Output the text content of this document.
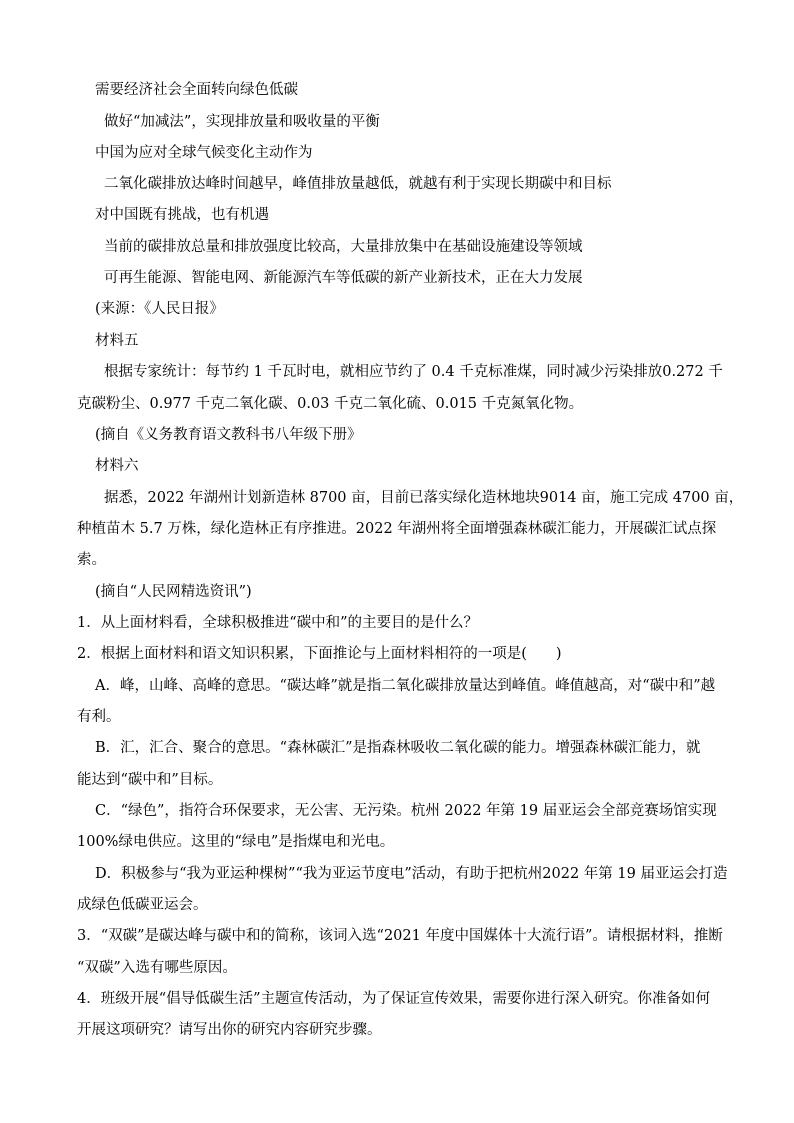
需要经济社会全面转向绿色低碳
做好“加减法”，实现排放量和吸收量的平衡
中国为应对全球气候变化主动作为
二氧化碳排放达峰时间越早，峰值排放量越低，就越有利于实现长期碳中和目标
对中国既有挑战，也有机遇
当前的碳排放总量和排放强度比较高，大量排放集中在基础设施建设等领域
可再生能源、智能电网、新能源汽车等低碳的新产业新技术，正在大力发展
(来源：《人民日报》
材料五
根据专家统计：每节约 1 千瓦时电，就相应节约了 0.4 千克标准煤，同时减少污染排放0.272 千
克碳粉尘、0.977 千克二氧化碳、0.03 千克二氧化硫、0.015 千克氮氧化物。
(摘自《义务教育语文教科书八年级下册》
材料六
据悉，2022 年湖州计划新造林 8700 亩，目前已落实绿化造林地块9014 亩，施工完成 4700 亩，
种植苗木 5.7 万株，绿化造林正有序推进。2022 年湖州将全面增强森林碳汇能力，开展碳汇试点探
索。
(摘自“人民网精选资讯”)
1．从上面材料看，全球积极推进“碳中和”的主要目的是什么？
2．根据上面材料和语文知识积累，下面推论与上面材料相符的一项是(　　)
A．峰，山峰、高峰的意思。“碳达峰”就是指二氧化碳排放量达到峰值。峰值越高，对“碳中和”越
有利。
B．汇，汇合、聚合的意思。“森林碳汇”是指森林吸收二氧化碳的能力。增强森林碳汇能力，就
能达到“碳中和”目标。
C．“绿色”，指符合环保要求，无公害、无污染。杭州 2022 年第 19 届亚运会全部竞赛场馆实现
100%绿电供应。这里的“绿电”是指煤电和光电。
D．积极参与“我为亚运种棵树”“我为亚运节度电”活动，有助于把杭州2022 年第 19 届亚运会打造
成绿色低碳亚运会。
3．“双碳”是碳达峰与碳中和的简称，该词入选“2021 年度中国媒体十大流行语”。请根据材料，推断
“双碳”入选有哪些原因。
4．班级开展“倡导低碳生活”主题宣传活动，为了保证宣传效果，需要你进行深入研究。你准备如何
开展这项研究？请写出你的研究内容研究步骤。
